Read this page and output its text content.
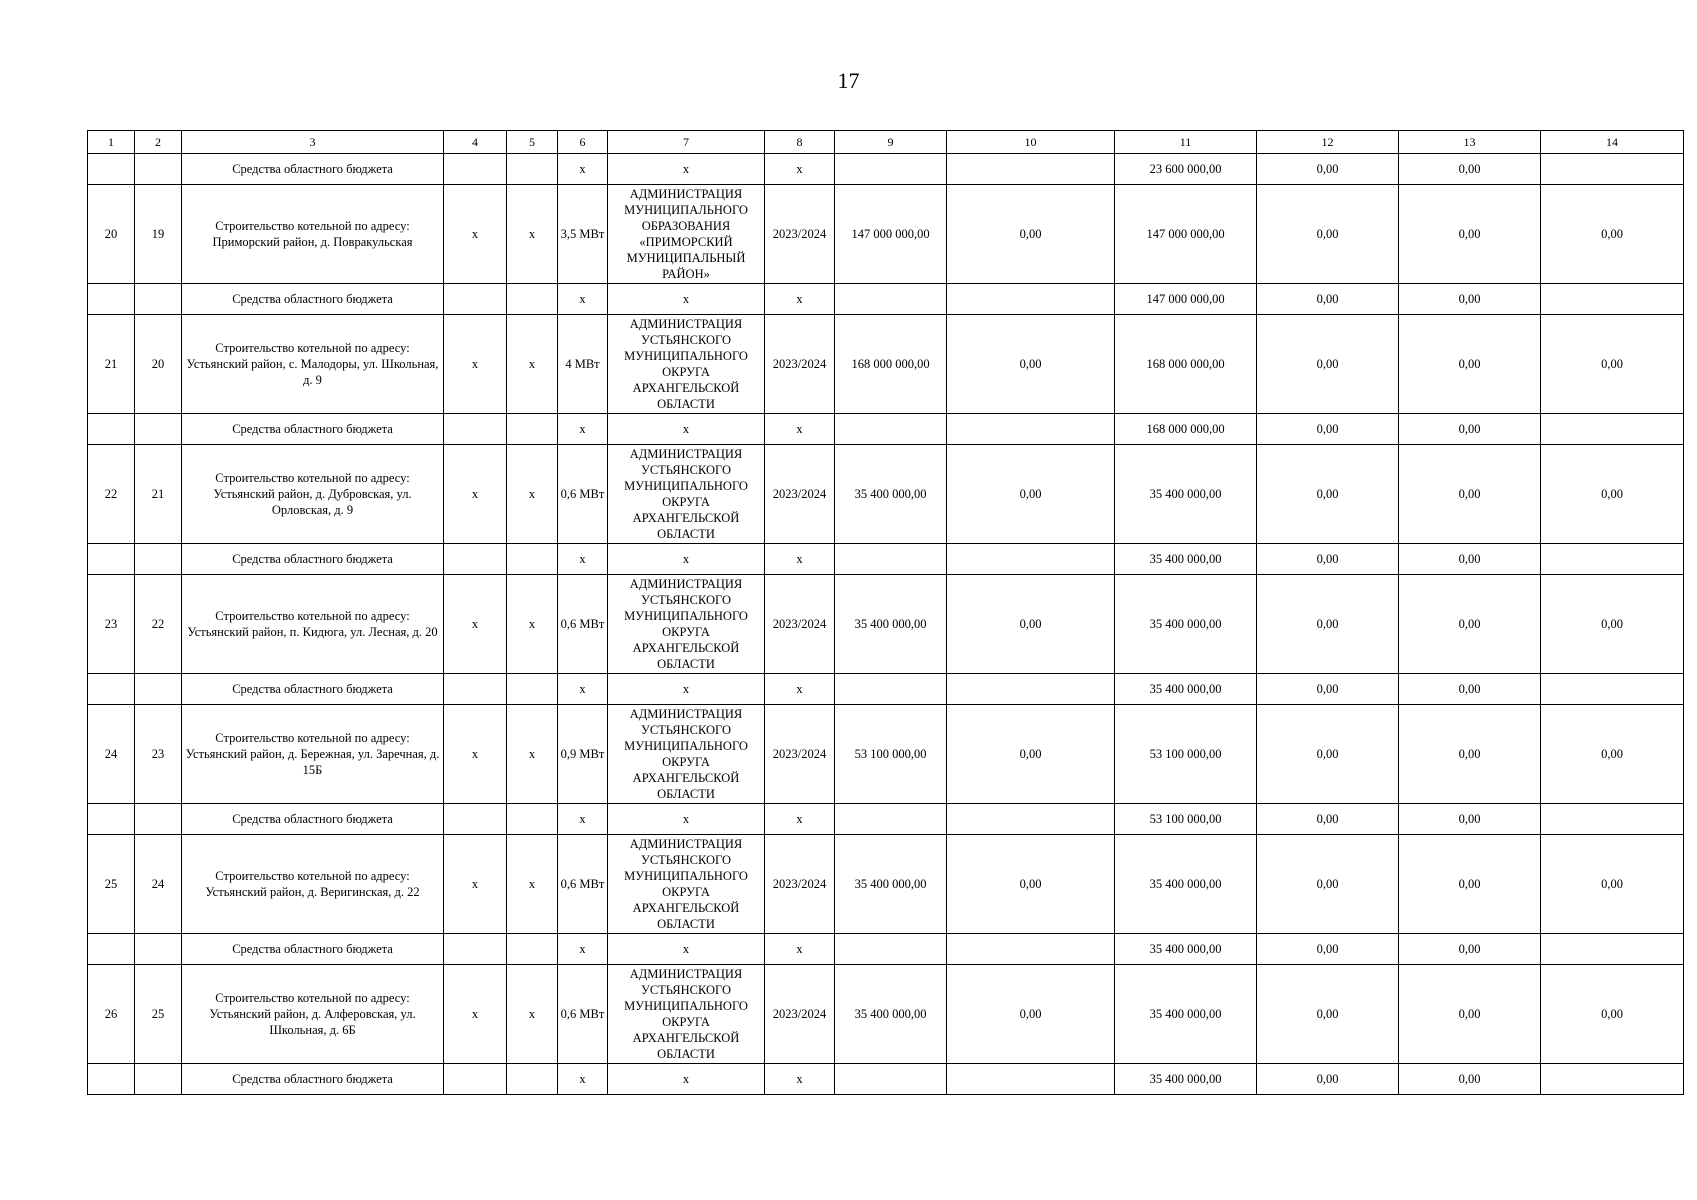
17
1	2	3	4	5	6	7	8	9	10	11	12	13	14
		Средства областного бюджета			х	х	х			23 600 000,00	0,00	0,00	
20	19	Строительство котельной по адресу: Приморский район, д. Повракульская	х	х	3,5 МВт	АДМИНИСТРАЦИЯ МУНИЦИПАЛЬНОГО ОБРАЗОВАНИЯ «ПРИМОРСКИЙ МУНИЦИПАЛЬНЫЙ РАЙОН»	2023/2024	147 000 000,00	0,00	147 000 000,00	0,00	0,00	0,00
		Средства областного бюджета			х	х	х			147 000 000,00	0,00	0,00	
21	20	Строительство котельной по адресу: Устьянский район, с. Малодоры, ул. Школьная, д. 9	х	х	4 МВт	АДМИНИСТРАЦИЯ УСТЬЯНСКОГО МУНИЦИПАЛЬНОГО ОКРУГА АРХАНГЕЛЬСКОЙ ОБЛАСТИ	2023/2024	168 000 000,00	0,00	168 000 000,00	0,00	0,00	0,00
		Средства областного бюджета			х	х	х			168 000 000,00	0,00	0,00	
22	21	Строительство котельной по адресу: Устьянский район, д. Дубровская, ул. Орловская, д. 9	х	х	0,6 МВт	АДМИНИСТРАЦИЯ УСТЬЯНСКОГО МУНИЦИПАЛЬНОГО ОКРУГА АРХАНГЕЛЬСКОЙ ОБЛАСТИ	2023/2024	35 400 000,00	0,00	35 400 000,00	0,00	0,00	0,00
		Средства областного бюджета			х	х	х			35 400 000,00	0,00	0,00	
23	22	Строительство котельной по адресу: Устьянский район, п. Кидюга, ул. Лесная, д. 20	х	х	0,6 МВт	АДМИНИСТРАЦИЯ УСТЬЯНСКОГО МУНИЦИПАЛЬНОГО ОКРУГА АРХАНГЕЛЬСКОЙ ОБЛАСТИ	2023/2024	35 400 000,00	0,00	35 400 000,00	0,00	0,00	0,00
		Средства областного бюджета			х	х	х			35 400 000,00	0,00	0,00	
24	23	Строительство котельной по адресу: Устьянский район, д. Бережная, ул. Заречная, д. 15Б	х	х	0,9 МВт	АДМИНИСТРАЦИЯ УСТЬЯНСКОГО МУНИЦИПАЛЬНОГО ОКРУГА АРХАНГЕЛЬСКОЙ ОБЛАСТИ	2023/2024	53 100 000,00	0,00	53 100 000,00	0,00	0,00	0,00
		Средства областного бюджета			х	х	х			53 100 000,00	0,00	0,00	
25	24	Строительство котельной по адресу: Устьянский район, д. Веригинская, д. 22	х	х	0,6 МВт	АДМИНИСТРАЦИЯ УСТЬЯНСКОГО МУНИЦИПАЛЬНОГО ОКРУГА АРХАНГЕЛЬСКОЙ ОБЛАСТИ	2023/2024	35 400 000,00	0,00	35 400 000,00	0,00	0,00	0,00
		Средства областного бюджета			х	х	х			35 400 000,00	0,00	0,00	
26	25	Строительство котельной по адресу: Устьянский район, д. Алферовская, ул. Школьная, д. 6Б	х	х	0,6 МВт	АДМИНИСТРАЦИЯ УСТЬЯНСКОГО МУНИЦИПАЛЬНОГО ОКРУГА АРХАНГЕЛЬСКОЙ ОБЛАСТИ	2023/2024	35 400 000,00	0,00	35 400 000,00	0,00	0,00	0,00
		Средства областного бюджета			х	х	х			35 400 000,00	0,00	0,00	
